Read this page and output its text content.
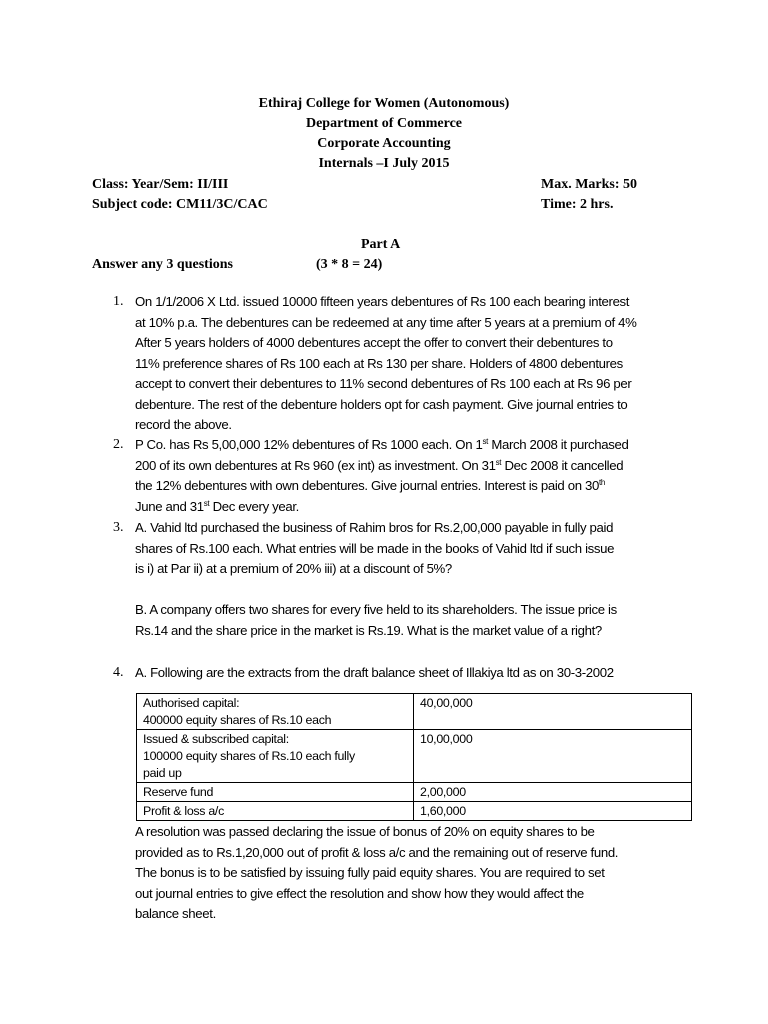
Ethiraj College for Women (Autonomous)
Department of Commerce
Corporate Accounting
Internals –I July 2015
Class: Year/Sem: II/III	Max. Marks: 50
Subject code: CM11/3C/CAC	Time: 2 hrs.
Part A
Answer any 3 questions	(3 * 8 = 24)
1. On 1/1/2006 X Ltd. issued 10000 fifteen years debentures of Rs 100 each bearing interest
at 10% p.a. The debentures can be redeemed at any time after 5 years at a premium of 4%
After 5 years holders of 4000 debentures accept the offer to convert their debentures to
11% preference shares of Rs 100 each at Rs 130 per share. Holders of 4800 debentures
accept to convert their debentures to 11% second debentures of Rs 100 each at Rs 96 per
debenture. The rest of the debenture holders opt for cash payment. Give journal entries to
record the above.
2. P Co. has Rs 5,00,000 12% debentures of Rs 1000 each. On 1st March 2008 it purchased
200 of its own debentures at Rs 960 (ex int) as investment. On 31st Dec 2008 it cancelled
the 12% debentures with own debentures. Give journal entries. Interest is paid on 30th
June and 31st Dec every year.
3. A. Vahid ltd purchased the business of Rahim bros for Rs.2,00,000 payable in fully paid
shares of Rs.100 each. What entries will be made in the books of Vahid ltd if such issue
is i) at Par ii) at a premium of 20% iii) at a discount of 5%?
B. A company offers two shares for every five held to its shareholders. The issue price is
Rs.14 and the share price in the market is Rs.19. What is the market value of a right?
4. A. Following are the extracts from the draft balance sheet of Illakiya ltd as on 30-3-2002
Authorised capital:
400000 equity shares of Rs.10 each	40,00,000

Issued & subscribed capital:
100000 equity shares of Rs.10 each fully
paid up	10,00,000

Reserve fund	2,00,000

Profit & loss a/c	1,60,000
A resolution was passed declaring the issue of bonus of 20% on equity shares to be
provided as to Rs.1,20,000 out of profit & loss a/c and the remaining out of reserve fund.
The bonus is to be satisfied by issuing fully paid equity shares. You are required to set
out journal entries to give effect the resolution and show how they would affect the
balance sheet.
